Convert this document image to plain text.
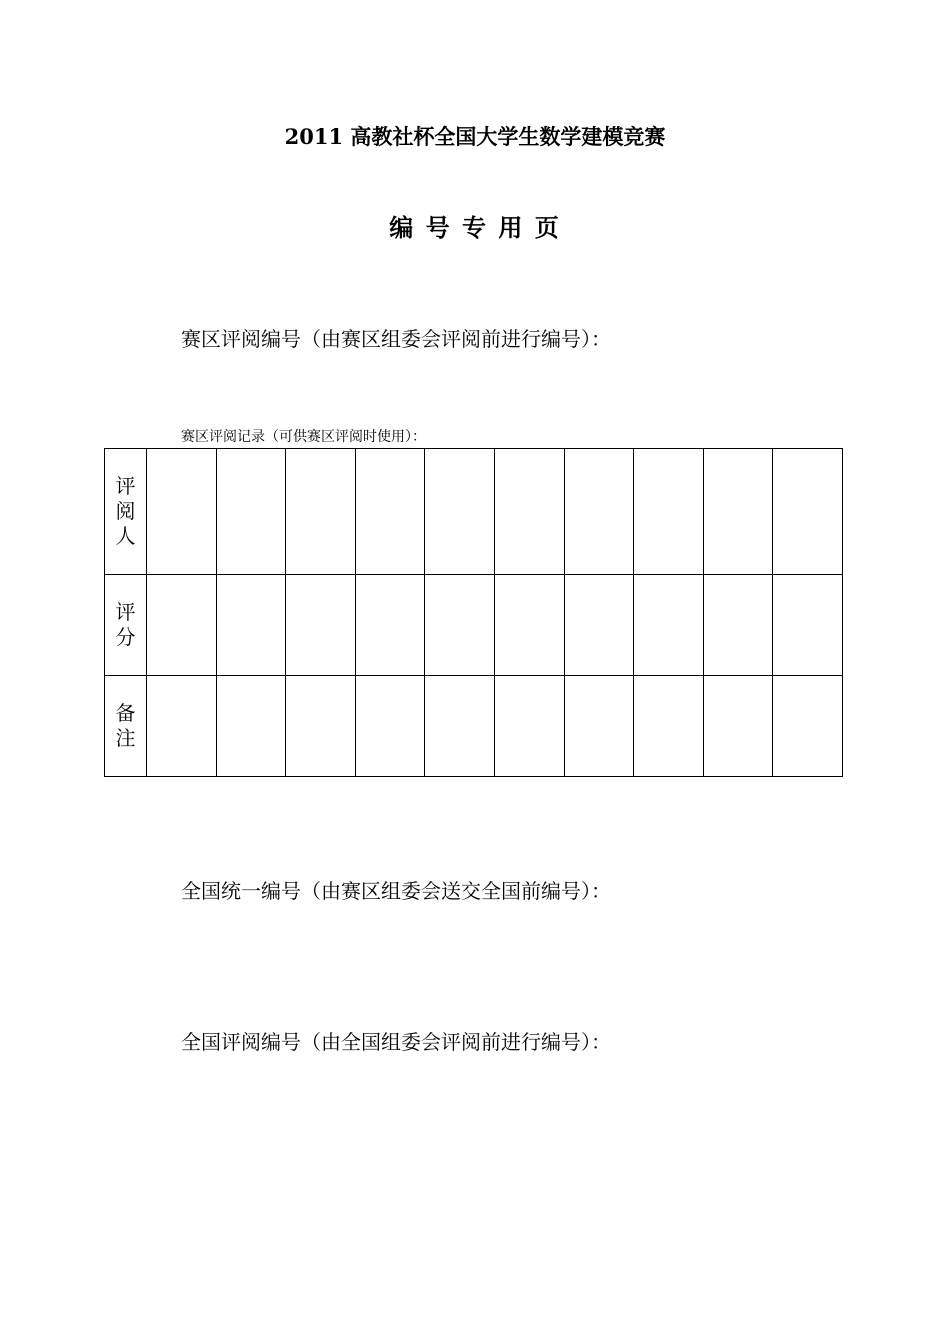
2011 高教社杯全国大学生数学建模竞赛
编 号 专 用 页
赛区评阅编号（由赛区组委会评阅前进行编号）：
赛区评阅记录（可供赛区评阅时使用）：
评
阅
人										

评
分										

备
注										

全国统一编号（由赛区组委会送交全国前编号）：
全国评阅编号（由全国组委会评阅前进行编号）：
